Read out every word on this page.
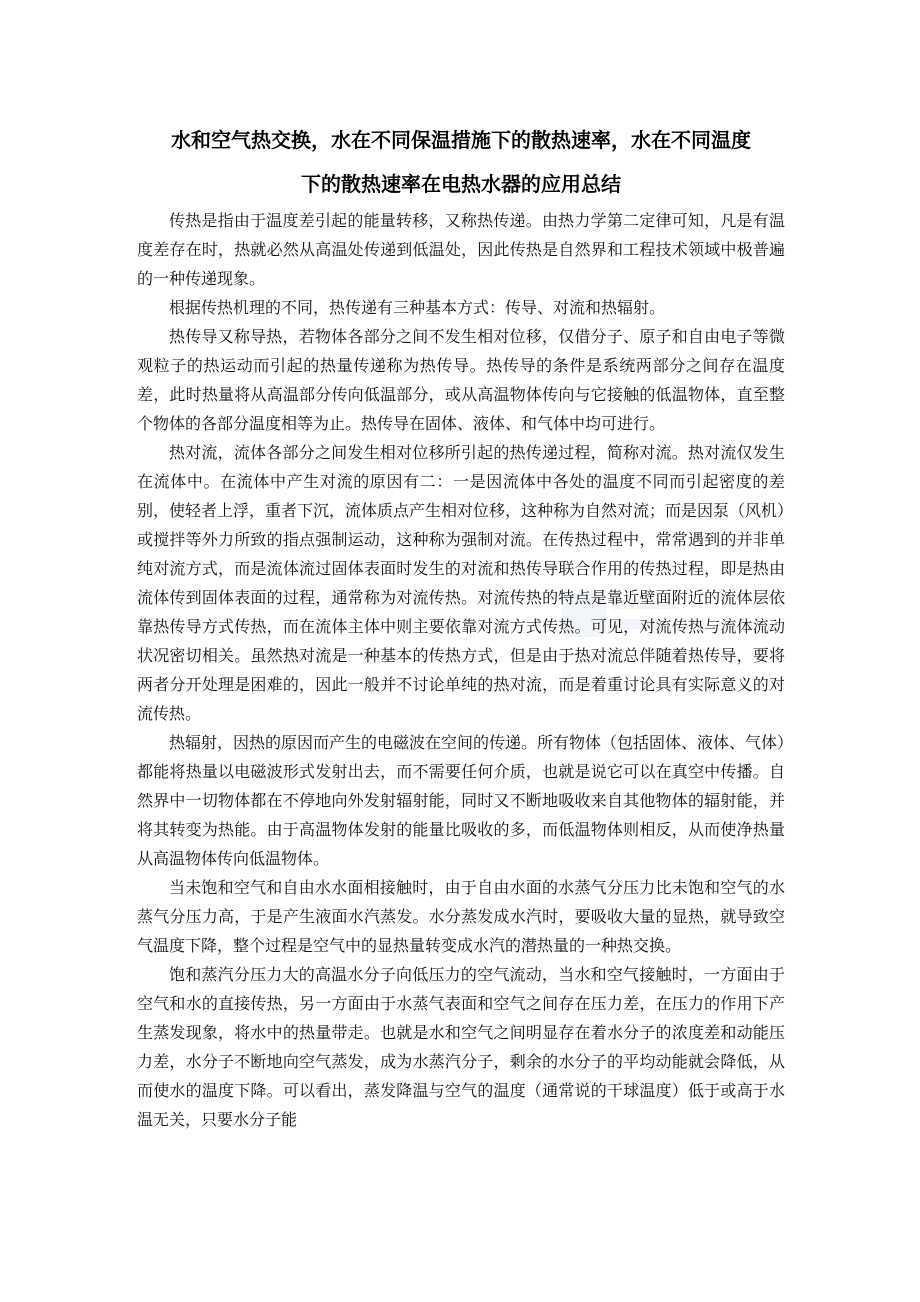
水和空气热交换，水在不同保温措施下的散热速率，水在不同温度
下的散热速率在电热水器的应用总结

传热是指由于温度差引起的能量转移，又称热传递。由热力学第二定律可知，凡是有温度差存在时，热就必然从高温处传递到低温处，因此传热是自然界和工程技术领域中极普遍的一种传递现象。

根据传热机理的不同，热传递有三种基本方式：传导、对流和热辐射。

热传导又称导热，若物体各部分之间不发生相对位移，仅借分子、原子和自由电子等微观粒子的热运动而引起的热量传递称为热传导。热传导的条件是系统两部分之间存在温度差，此时热量将从高温部分传向低温部分，或从高温物体传向与它接触的低温物体，直至整个物体的各部分温度相等为止。热传导在固体、液体、和气体中均可进行。

热对流，流体各部分之间发生相对位移所引起的热传递过程，简称对流。热对流仅发生在流体中。在流体中产生对流的原因有二：一是因流体中各处的温度不同而引起密度的差别，使轻者上浮，重者下沉，流体质点产生相对位移，这种称为自然对流；而是因泵（风机）或搅拌等外力所致的指点强制运动，这种称为强制对流。在传热过程中，常常遇到的并非单纯对流方式，而是流体流过固体表面时发生的对流和热传导联合作用的传热过程，即是热由流体传到固体表面的过程，通常称为对流传热。对流传热的特点是靠近壁面附近的流体层依靠热传导方式传热，而在流体主体中则主要依靠对流方式传热。可见，对流传热与流体流动状况密切相关。虽然热对流是一种基本的传热方式，但是由于热对流总伴随着热传导，要将两者分开处理是困难的，因此一般并不讨论单纯的热对流，而是着重讨论具有实际意义的对流传热。

热辐射，因热的原因而产生的电磁波在空间的传递。所有物体（包括固体、液体、气体）都能将热量以电磁波形式发射出去，而不需要任何介质，也就是说它可以在真空中传播。自然界中一切物体都在不停地向外发射辐射能，同时又不断地吸收来自其他物体的辐射能，并将其转变为热能。由于高温物体发射的能量比吸收的多，而低温物体则相反，从而使净热量从高温物体传向低温物体。

当未饱和空气和自由水水面相接触时，由于自由水面的水蒸气分压力比未饱和空气的水蒸气分压力高，于是产生液面水汽蒸发。水分蒸发成水汽时，要吸收大量的显热，就导致空气温度下降，整个过程是空气中的显热量转变成水汽的潜热量的一种热交换。

饱和蒸汽分压力大的高温水分子向低压力的空气流动，当水和空气接触时，一方面由于空气和水的直接传热，另一方面由于水蒸气表面和空气之间存在压力差，在压力的作用下产生蒸发现象，将水中的热量带走。也就是水和空气之间明显存在着水分子的浓度差和动能压力差，水分子不断地向空气蒸发，成为水蒸汽分子，剩余的水分子的平均动能就会降低，从而使水的温度下降。可以看出，蒸发降温与空气的温度（通常说的干球温度）低于或高于水温无关，只要水分子能
